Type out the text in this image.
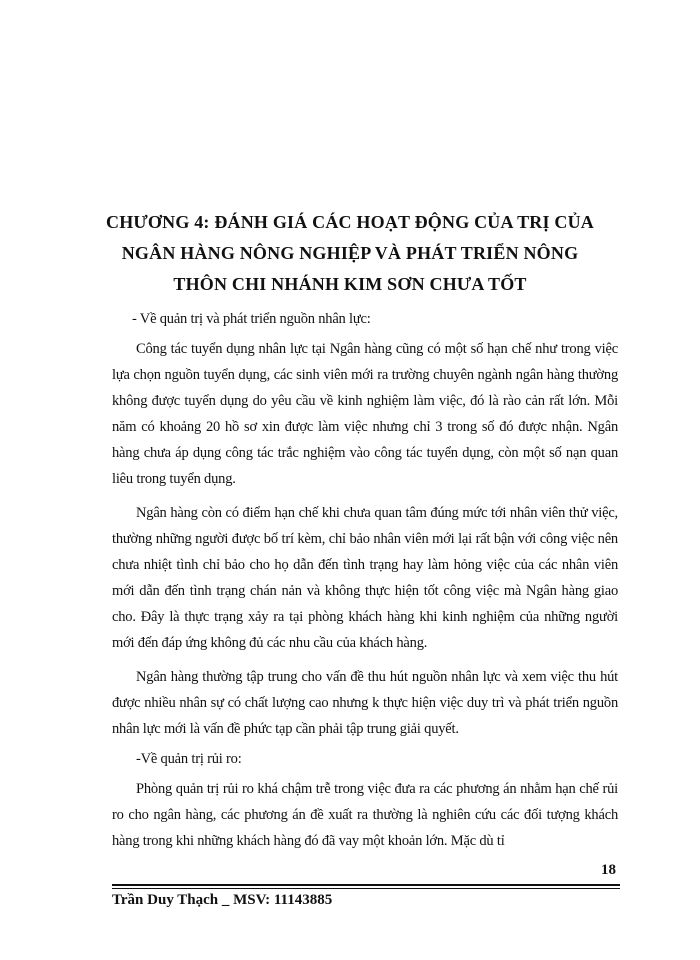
CHƯƠNG 4: ĐÁNH GIÁ CÁC HOẠT ĐỘNG CỦA TRỊ CỦA
NGÂN HÀNG NÔNG NGHIỆP VÀ PHÁT TRIỂN NÔNG
THÔN CHI NHÁNH KIM SƠN CHƯA TỐT

- Về quản trị và phát triển nguồn nhân lực:

Công tác tuyển dụng nhân lực tại Ngân hàng cũng có một số hạn chế như trong việc lựa chọn nguồn tuyển dụng, các sinh viên mới ra trường chuyên ngành ngân hàng thường không được tuyển dụng do yêu cầu về kinh nghiệm làm việc, đó là rào cản rất lớn. Mỗi năm có khoảng 20 hồ sơ xin được làm việc nhưng chỉ 3 trong số đó được nhận. Ngân hàng chưa áp dụng công tác trắc nghiệm vào công tác tuyển dụng, còn một số nạn quan liêu trong tuyển dụng.

Ngân hàng còn có điểm hạn chế khi chưa quan tâm đúng mức tới nhân viên thử việc, thường những người được bố trí kèm, chỉ bảo nhân viên mới lại rất bận với công việc nên chưa nhiệt tình chỉ bảo cho họ dẫn đến tình trạng hay làm hỏng việc của các nhân viên mới dẫn đến tình trạng chán nản và không thực hiện tốt công việc mà Ngân hàng giao cho. Đây là thực trạng xảy ra tại phòng khách hàng khi kinh nghiệm của những người mới đến đáp ứng không đủ các nhu cầu của khách hàng.

Ngân hàng thường tập trung cho vấn đề thu hút nguồn nhân lực và xem việc thu hút được nhiều nhân sự có chất lượng cao nhưng k thực hiện việc duy trì và phát triển nguồn nhân lực mới là vấn đề phức tạp cần phải tập trung giải quyết.

-Về quản trị rủi ro:

Phòng quản trị rủi ro khá chậm trễ trong việc đưa ra các phương án nhằm hạn chế rủi ro cho ngân hàng, các phương án đề xuất ra thường là nghiên cứu các đối tượng khách hàng trong khi những khách hàng đó đã vay một khoản lớn. Mặc dù tỉ

18
Trần Duy Thạch _ MSV: 11143885
